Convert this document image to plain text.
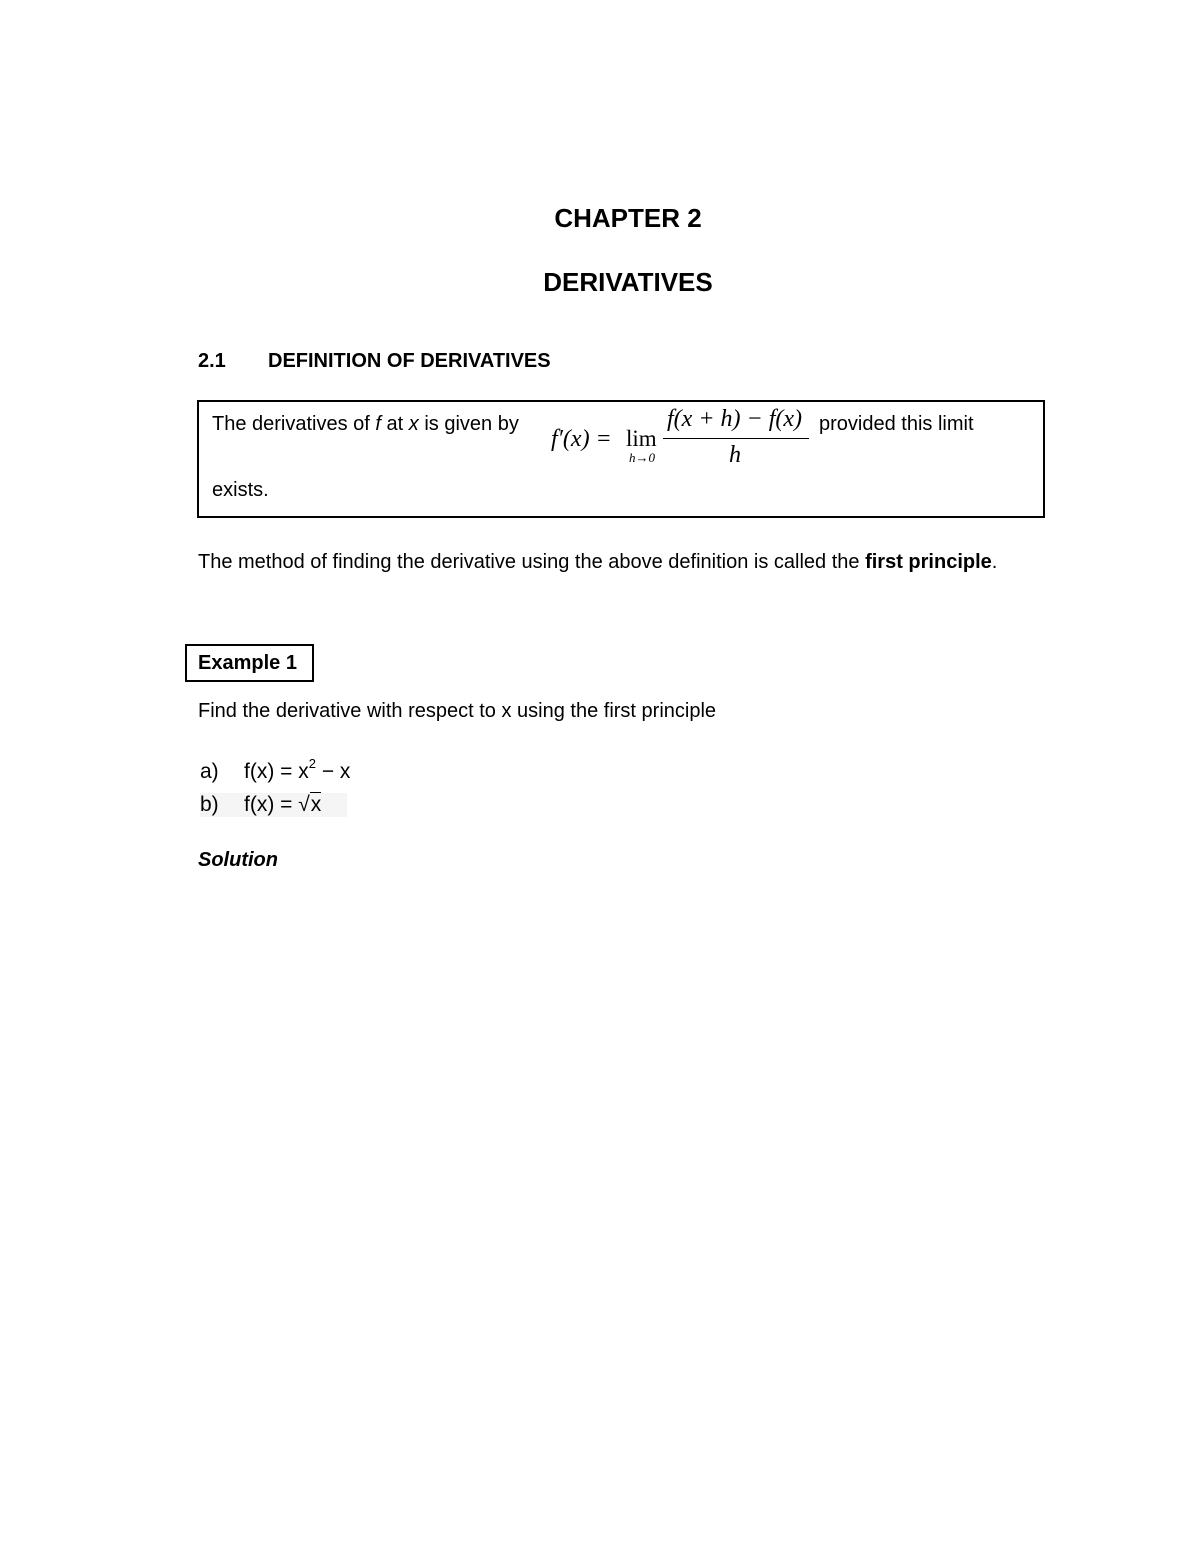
CHAPTER 2
DERIVATIVES
2.1 DEFINITION OF DERIVATIVES
The derivatives of f at x is given by
f′(x) = lim
h→0
f(x + h) − f(x)
h
provided this limit
exists.
The method of finding the derivative using the above definition is called the first principle.
Example 1
Find the derivative with respect to x using the first principle
a) $f(x) = x^2 - x$
b) f(x) = √x
Solution
